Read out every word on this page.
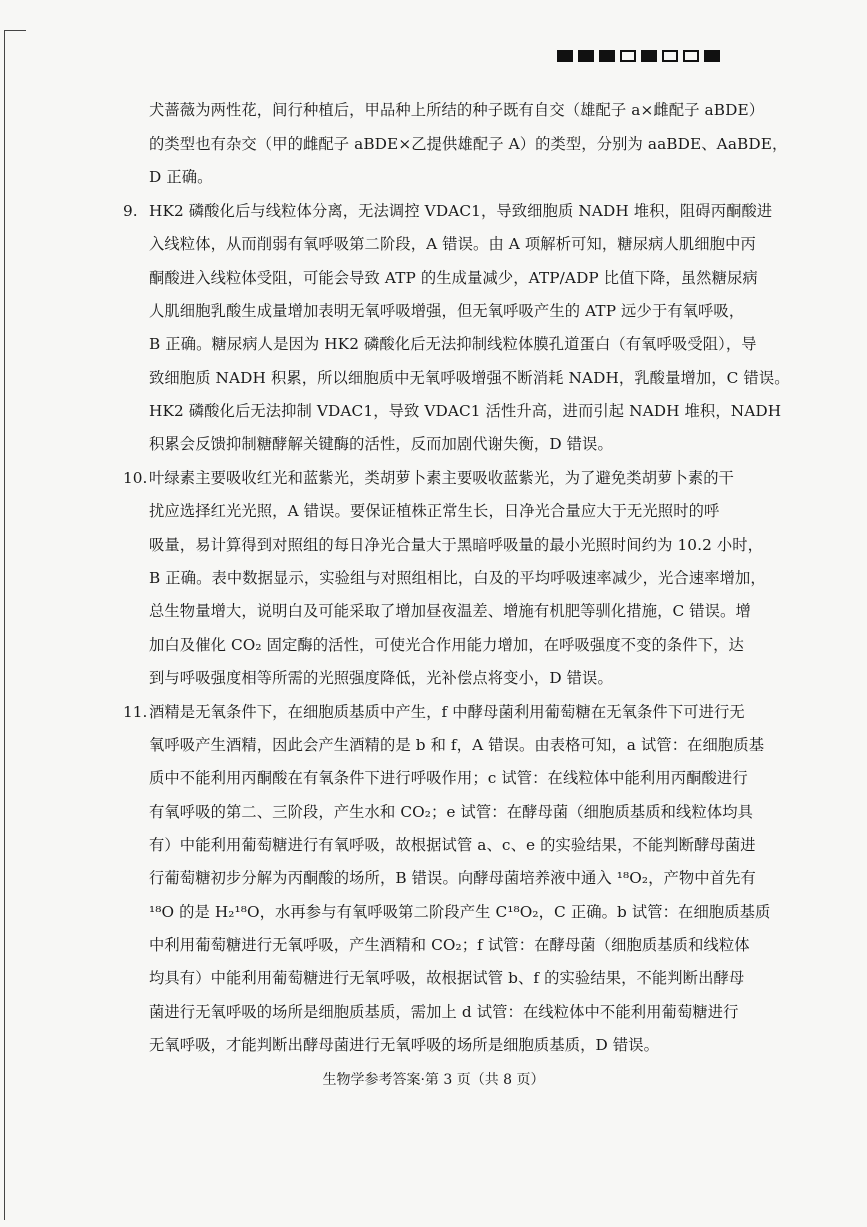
犬蔷薇为两性花，间行种植后，甲品种上所结的种子既有自交（雄配子 a×雌配子 aBDE）
的类型也有杂交（甲的雌配子 aBDE×乙提供雄配子 A）的类型，分别为 aaBDE、AaBDE，
D 正确。
9. HK2 磷酸化后与线粒体分离，无法调控 VDAC1，导致细胞质 NADH 堆积，阻碍丙酮酸进
入线粒体，从而削弱有氧呼吸第二阶段，A 错误。由 A 项解析可知，糖尿病人肌细胞中丙
酮酸进入线粒体受阻，可能会导致 ATP 的生成量减少，ATP/ADP 比值下降，虽然糖尿病
人肌细胞乳酸生成量增加表明无氧呼吸增强，但无氧呼吸产生的 ATP 远少于有氧呼吸，
B 正确。糖尿病人是因为 HK2 磷酸化后无法抑制线粒体膜孔道蛋白（有氧呼吸受阻），导
致细胞质 NADH 积累，所以细胞质中无氧呼吸增强不断消耗 NADH，乳酸量增加，C 错误。
HK2 磷酸化后无法抑制 VDAC1，导致 VDAC1 活性升高，进而引起 NADH 堆积，NADH
积累会反馈抑制糖酵解关键酶的活性，反而加剧代谢失衡，D 错误。
10. 叶绿素主要吸收红光和蓝紫光，类胡萝卜素主要吸收蓝紫光，为了避免类胡萝卜素的干
扰应选择红光光照，A 错误。要保证植株正常生长，日净光合量应大于无光照时的呼
吸量，易计算得到对照组的每日净光合量大于黑暗呼吸量的最小光照时间约为 10.2 小时，
B 正确。表中数据显示，实验组与对照组相比，白及的平均呼吸速率减少，光合速率增加，
总生物量增大，说明白及可能采取了增加昼夜温差、增施有机肥等驯化措施，C 错误。增
加白及催化 CO₂ 固定酶的活性，可使光合作用能力增加，在呼吸强度不变的条件下，达
到与呼吸强度相等所需的光照强度降低，光补偿点将变小，D 错误。
11. 酒精是无氧条件下，在细胞质基质中产生，f 中酵母菌利用葡萄糖在无氧条件下可进行无
氧呼吸产生酒精，因此会产生酒精的是 b 和 f，A 错误。由表格可知，a 试管：在细胞质基
质中不能利用丙酮酸在有氧条件下进行呼吸作用；c 试管：在线粒体中能利用丙酮酸进行
有氧呼吸的第二、三阶段，产生水和 CO₂；e 试管：在酵母菌（细胞质基质和线粒体均具
有）中能利用葡萄糖进行有氧呼吸，故根据试管 a、c、e 的实验结果，不能判断酵母菌进
行葡萄糖初步分解为丙酮酸的场所，B 错误。向酵母菌培养液中通入 ¹⁸O₂，产物中首先有
¹⁸O 的是 H₂¹⁸O，水再参与有氧呼吸第二阶段产生 C¹⁸O₂，C 正确。b 试管：在细胞质基质
中利用葡萄糖进行无氧呼吸，产生酒精和 CO₂；f 试管：在酵母菌（细胞质基质和线粒体
均具有）中能利用葡萄糖进行无氧呼吸，故根据试管 b、f 的实验结果，不能判断出酵母
菌进行无氧呼吸的场所是细胞质基质，需加上 d 试管：在线粒体中不能利用葡萄糖进行
无氧呼吸，才能判断出酵母菌进行无氧呼吸的场所是细胞质基质，D 错误。
生物学参考答案·第 3 页（共 8 页）
